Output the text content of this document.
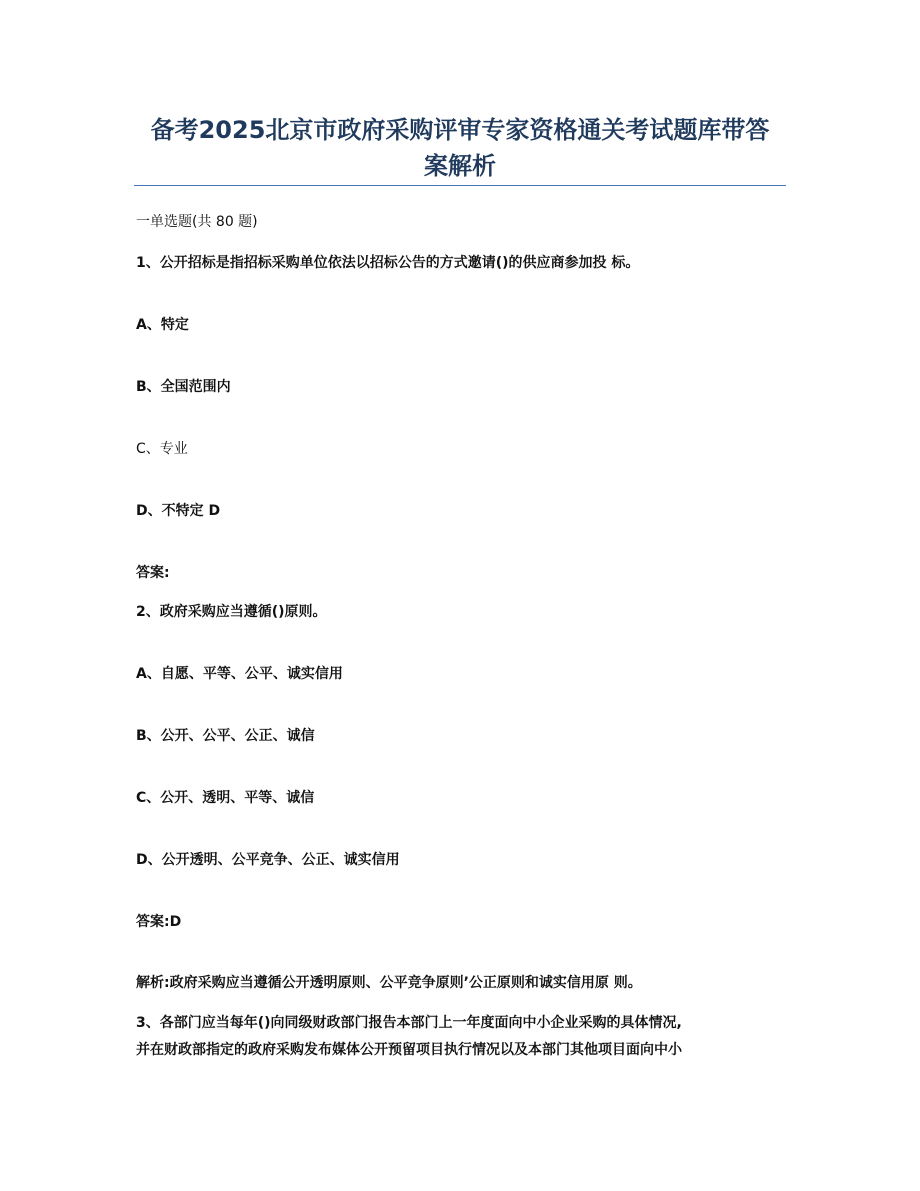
备考2025北京市政府采购评审专家资格通关考试题库带答
案解析
一单选题(共 80 题)
1、公开招标是指招标采购单位依法以招标公告的方式邀请()的供应商参加投 标。
A、特定
B、全国范围内
C、专业
D、不特定 D
答案:
2、政府采购应当遵循()原则。
A、自愿、平等、公平、诚实信用
B、公开、公平、公正、诚信
C、公开、透明、平等、诚信
D、公开透明、公平竞争、公正、诚实信用
答案:D
解析:政府采购应当遵循公开透明原则、公平竞争原则’公正原则和诚实信用原 则。
3、各部门应当每年()向同级财政部门报告本部门上一年度面向中小企业采购的具体情况,
并在财政部指定的政府采购发布媒体公开预留项目执行情况以及本部门其他项目面向中小
